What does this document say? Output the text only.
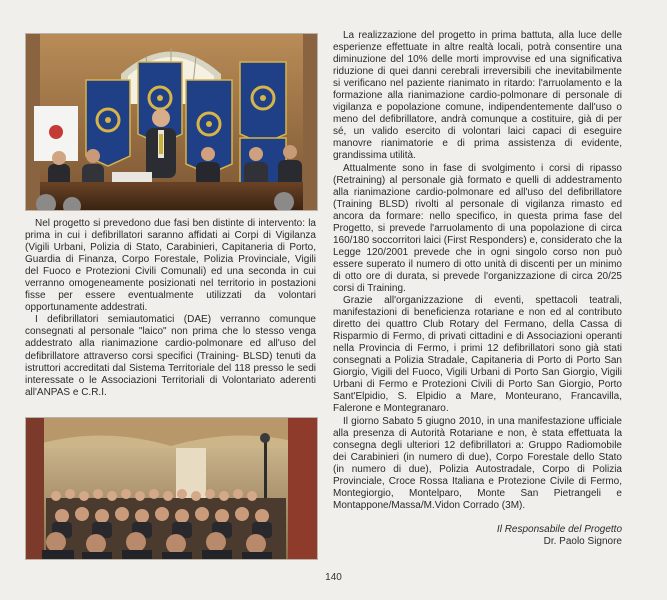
Nel progetto si prevedono due fasi ben distinte di intervento: la prima in cui i defibrillatori saranno affidati ai Corpi di Vigilanza (Vigili Urbani, Polizia di Stato, Carabinieri, Capitaneria di Porto, Guardia di Finanza, Corpo Forestale, Polizia Provinciale, Vigili del Fuoco e Protezioni Civili Comunali) ed una seconda in cui verranno omogeneamente posizionati nel territorio in postazioni fisse per essere eventualmente utilizzati da volontari opportunamente addestrati.

I defibrillatori semiautomatici (DAE) verranno comunque consegnati al personale "laico" non prima che lo stesso venga addestrato alla rianimazione cardio-polmonare ed all'uso del defibrillatore attraverso corsi specifici (Training- BLSD) tenuti da istruttori accreditati dal Sistema Territoriale del 118 presso le sedi interessate o le Associazioni Territoriali di Volontariato aderenti all'ANPAS e C.R.I.

La realizzazione del progetto in prima battuta, alla luce delle esperienze effettuate in altre realtà locali, potrà consentire una diminuzione del 10% delle morti improvvise ed una significativa riduzione di quei danni cerebrali irreversibili che inevitabilmente si verificano nel paziente rianimato in ritardo: l'arruolamento e la formazione alla rianimazione cardio-polmonare di personale di vigilanza e popolazione comune, indipendentemente dall'uso o meno del defibrillatore, andrà comunque a costituire, già di per sé, un valido esercito di volontari laici capaci di eseguire manovre rianimatorie e di prima assistenza di evidente, grandissima utilità.

Attualmente sono in fase di svolgimento i corsi di ripasso (Retraining) al personale già formato e quelli di addestramento alla rianimazione cardio-polmonare ed all'uso del defibrillatore (Training BLSD) rivolti al personale di vigilanza rimasto ed ancora da formare: nello specifico, in questa prima fase del Progetto, si prevede l'arruolamento di una popolazione di circa 160/180 soccorritori laici (First Responders) e, considerato che la Legge 120/2001 prevede che in ogni singolo corso non può essere superato il numero di otto unità di discenti per un minimo di otto ore di durata, si prevede l'organizzazione di circa 20/25 corsi di Training.

Grazie all'organizzazione di eventi, spettacoli teatrali, manifestazioni di beneficienza rotariane e non ed al contributo diretto dei quattro Club Rotary del Fermano, della Cassa di Risparmio di Fermo, di privati cittadini e di Associazioni operanti nella Provincia di Fermo, i primi 12 defibrillatori sono già stati consegnati a Polizia Stradale, Capitaneria di Porto di Porto San Giorgio, Vigili del Fuoco, Vigili Urbani di Porto San Giorgio, Vigili Urbani di Fermo e Protezioni Civili di Porto San Giorgio, Porto Sant'Elpidio, S. Elpidio a Mare, Monteurano, Francavilla, Falerone e Montegranaro.

Il giorno Sabato 5 giugno 2010, in una manifestazione ufficiale alla presenza di Autorità Rotariane e non, è stata effettuata la consegna degli ulteriori 12 defibrillatori a: Gruppo Radiomobile dei Carabinieri (in numero di due), Corpo Forestale dello Stato (in numero di due), Polizia Autostradale, Corpo di Polizia Provinciale, Croce Rossa Italiana e Protezione Civile di Fermo, Montegiorgio, Montelparo, Monte San Pietrangeli e Montappone/Massa/M.Vidon Corrado (3M).

Il Responsabile del Progetto

Dr. Paolo Signore

140
